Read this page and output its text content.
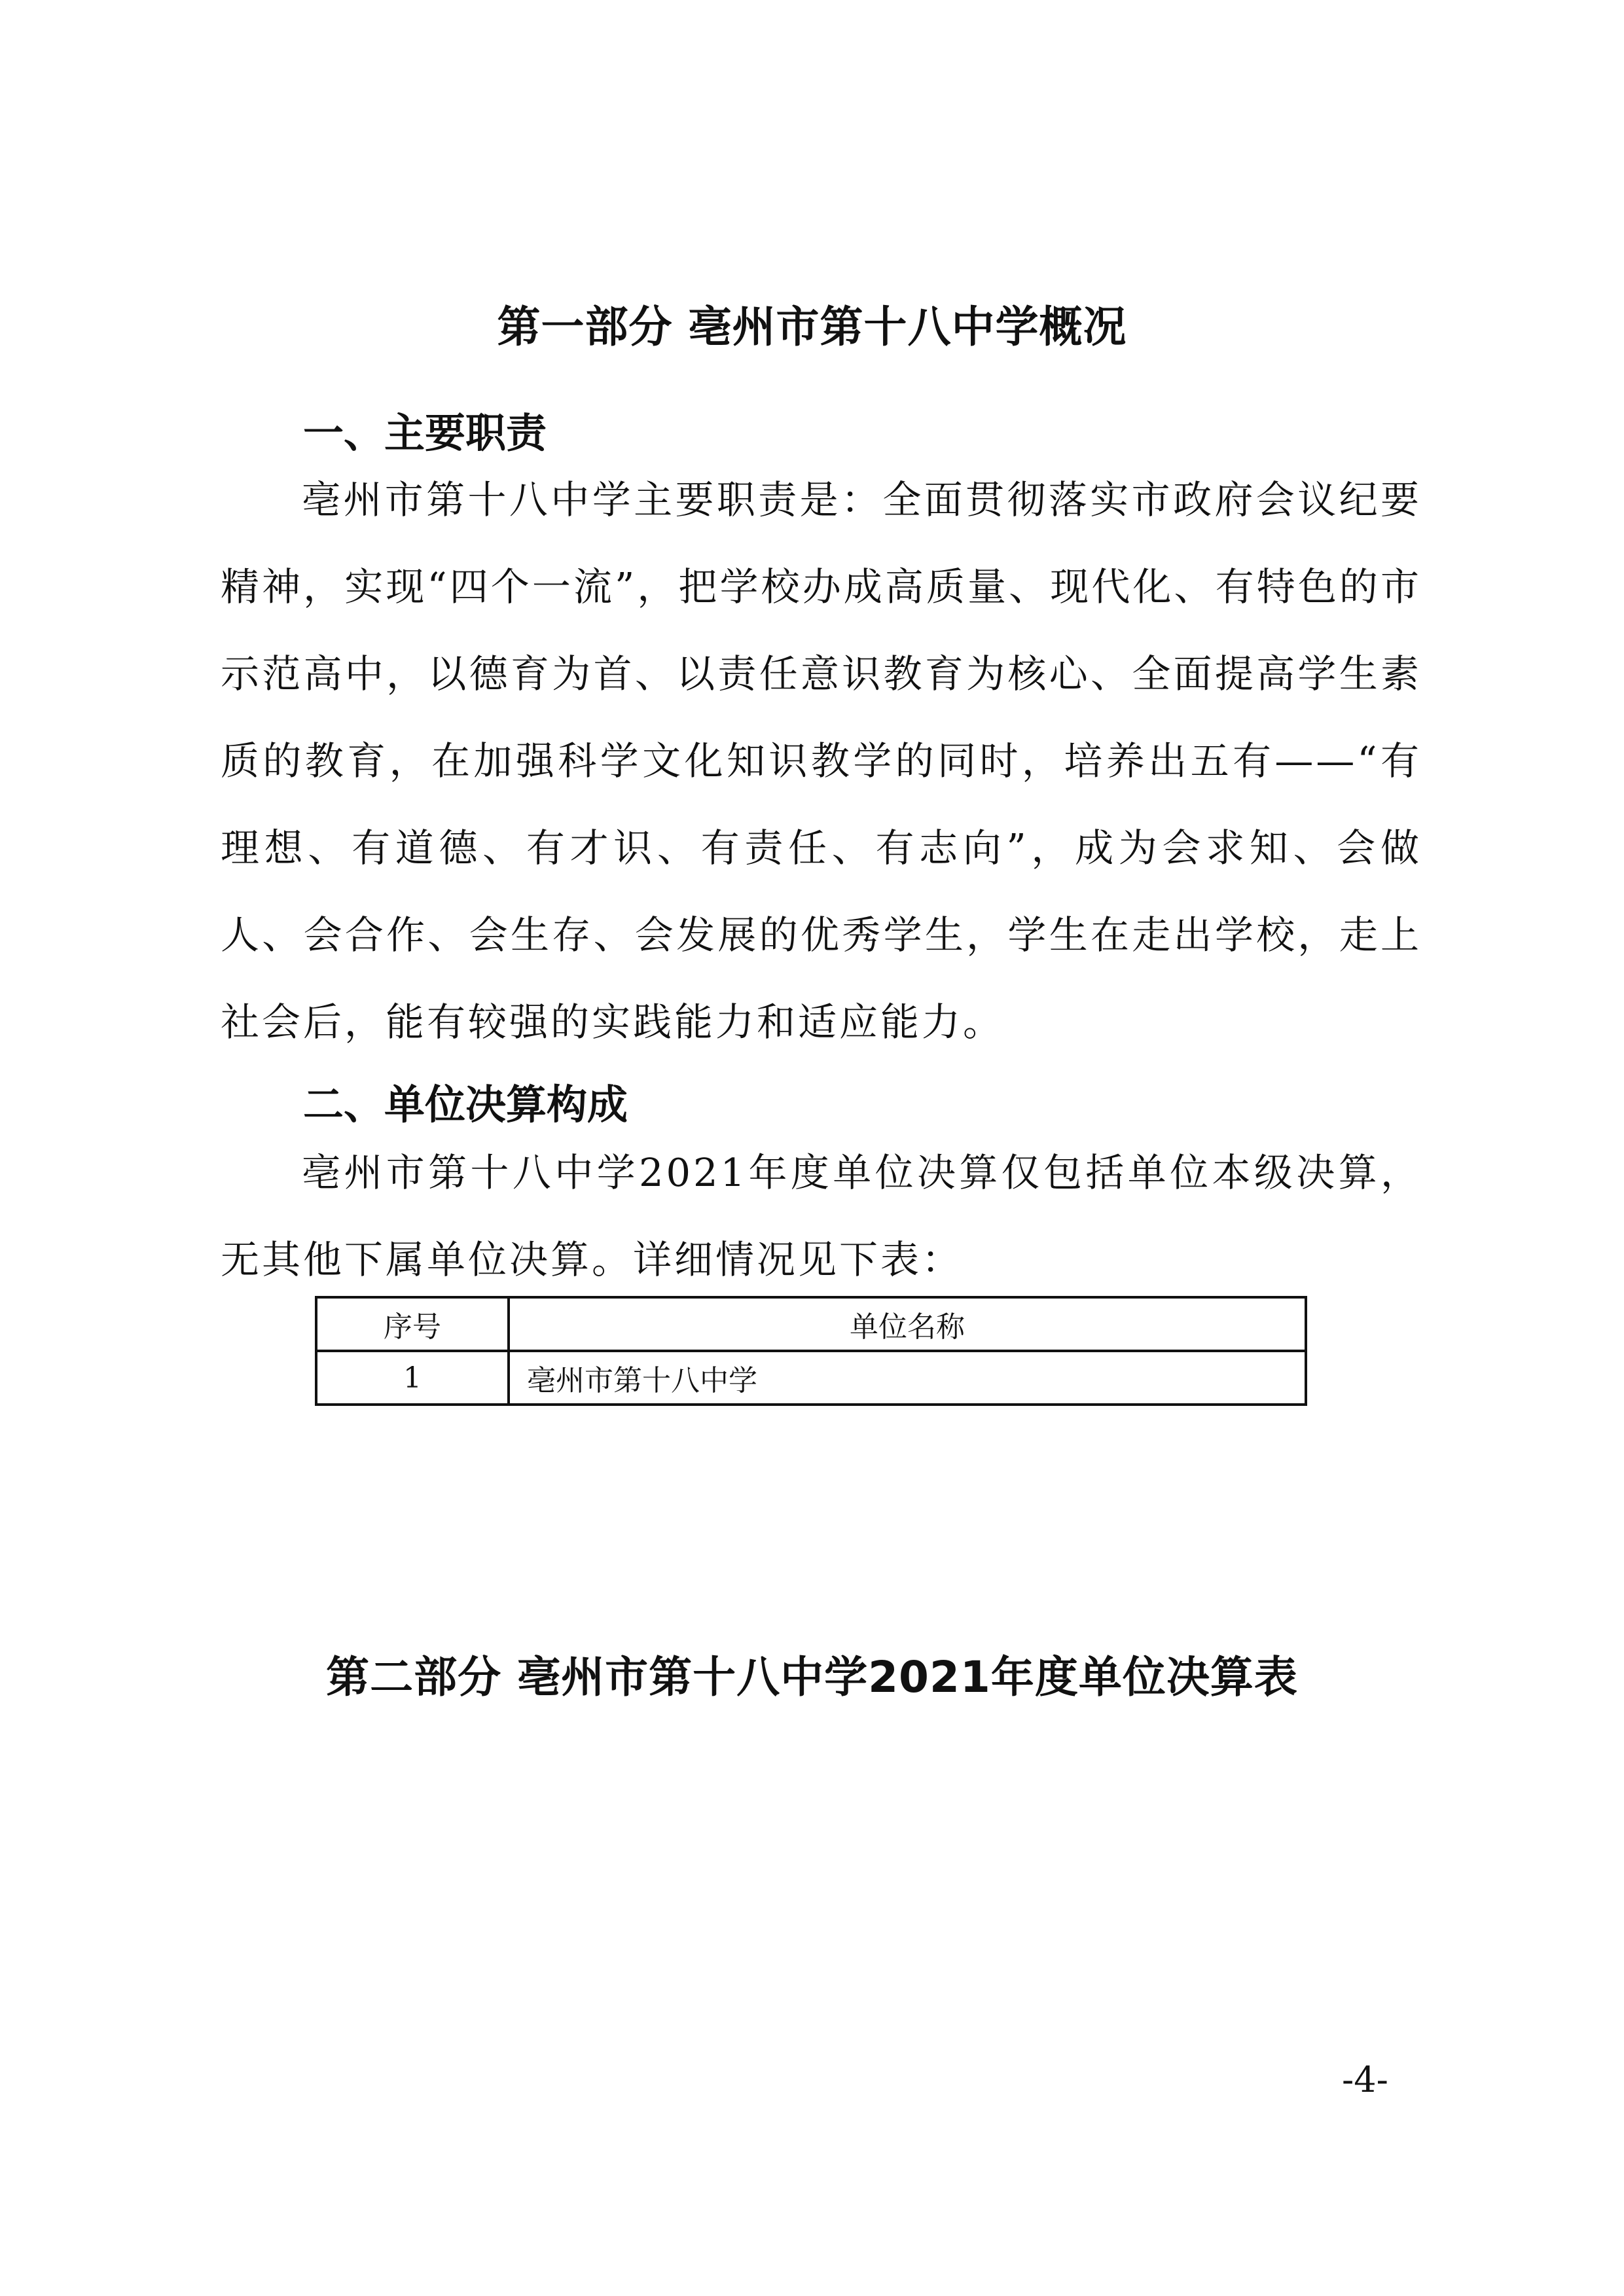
第一部分 亳州市第十八中学概况
一、主要职责

亳州市第十八中学主要职责是：全面贯彻落实市政府会议纪要精神，实现“四个一流”，把学校办成高质量、现代化、有特色的市示范高中，以德育为首、以责任意识教育为核心、全面提高学生素质的教育，在加强科学文化知识教学的同时，培养出五有——“有理想、有道德、有才识、有责任、有志向”，成为会求知、会做人、会合作、会生存、会发展的优秀学生，学生在走出学校，走上社会后，能有较强的实践能力和适应能力。

二、单位决算构成

亳州市第十八中学2021年度单位决算仅包括单位本级决算，无其他下属单位决算。详细情况见下表：

序号	单位名称
1	亳州市第十八中学
第二部分 亳州市第十八中学2021年度单位决算表
-4-
